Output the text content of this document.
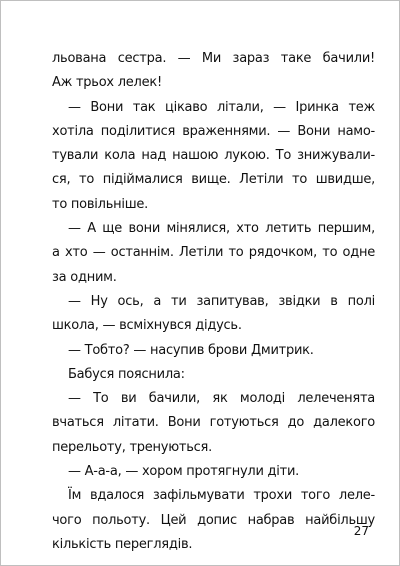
льована сестра. — Ми зараз таке бачили!
Аж трьох лелек!
— Вони так цікаво літали, — Іринка теж
хотіла поділитися враженнями. — Вони намо-
тували кола над нашою лукою. То знижували-
ся, то підіймалися вище. Летіли то швидше,
то повільніше.
— А ще вони мінялися, хто летить першим,
а хто — останнім. Летіли то рядочком, то одне
за одним.
— Ну ось, а ти запитував, звідки в полі
школа, — всміхнувся дідусь.
— Тобто? — насупив брови Дмитрик.
Бабуся пояснила:
— То ви бачили, як молоді лелеченята
вчаться літати. Вони готуються до далекого
перельоту, тренуються.
— А-а-а, — хором протягнули діти.
Їм вдалося зафільмувати трохи того леле-
чого польоту. Цей допис набрав найбільшу
кількість переглядів.
27
